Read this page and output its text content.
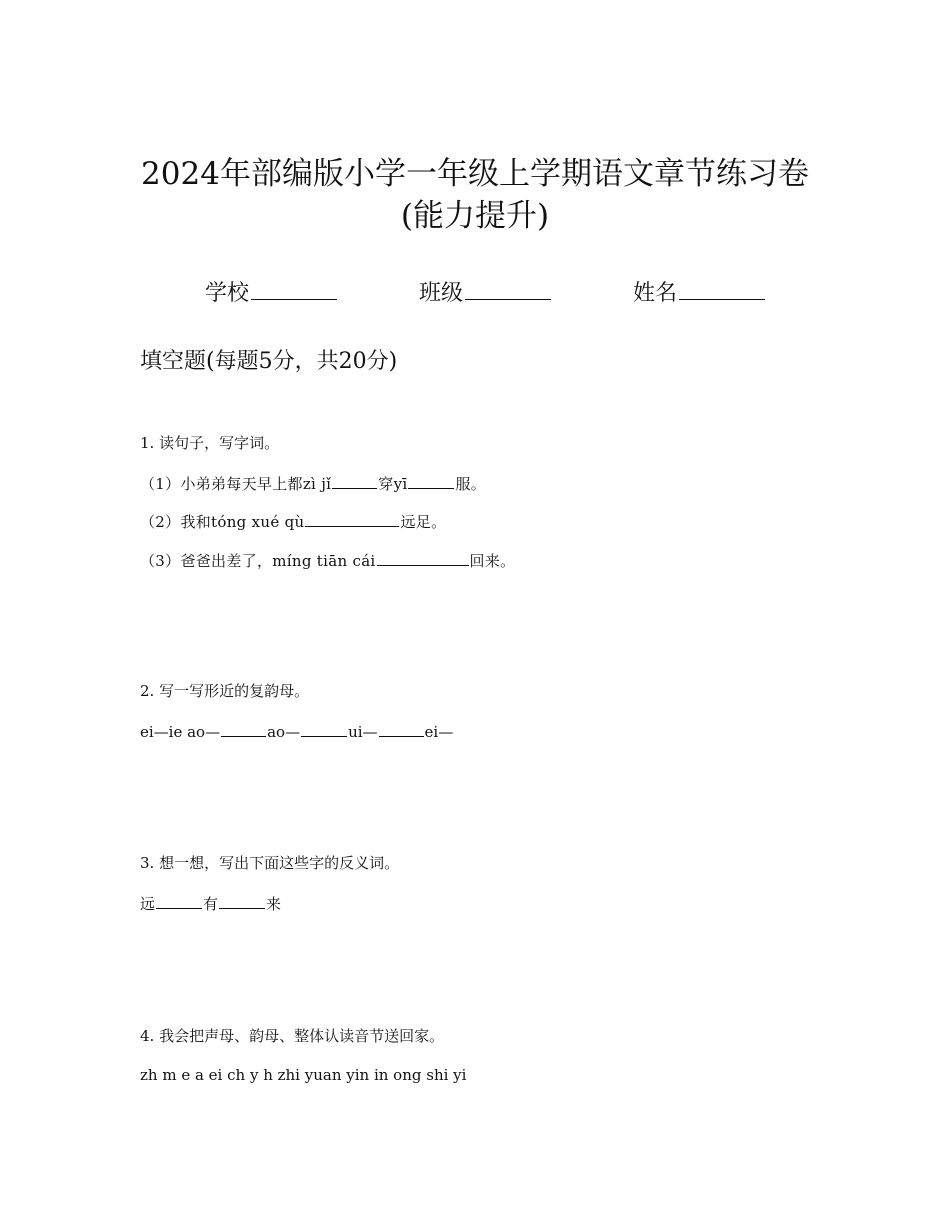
2024年部编版小学一年级上学期语文章节练习卷
(能力提升)
学校	班级	姓名
填空题(每题5分，共20分)
1. 读句子，写字词。
（1）小弟弟每天早上都zì jǐ	穿yī	服。
（2）我和tóng xué qù	远足。
（3）爸爸出差了，míng tiān cái	回来。
2. 写一写形近的复韵母。
ei—ie ao—	ao—	ui—	ei—
3. 想一想，写出下面这些字的反义词。
远	有	来
4. 我会把声母、韵母、整体认读音节送回家。
zh m e a ei ch y h zhi yuan yin in ong shi yi
